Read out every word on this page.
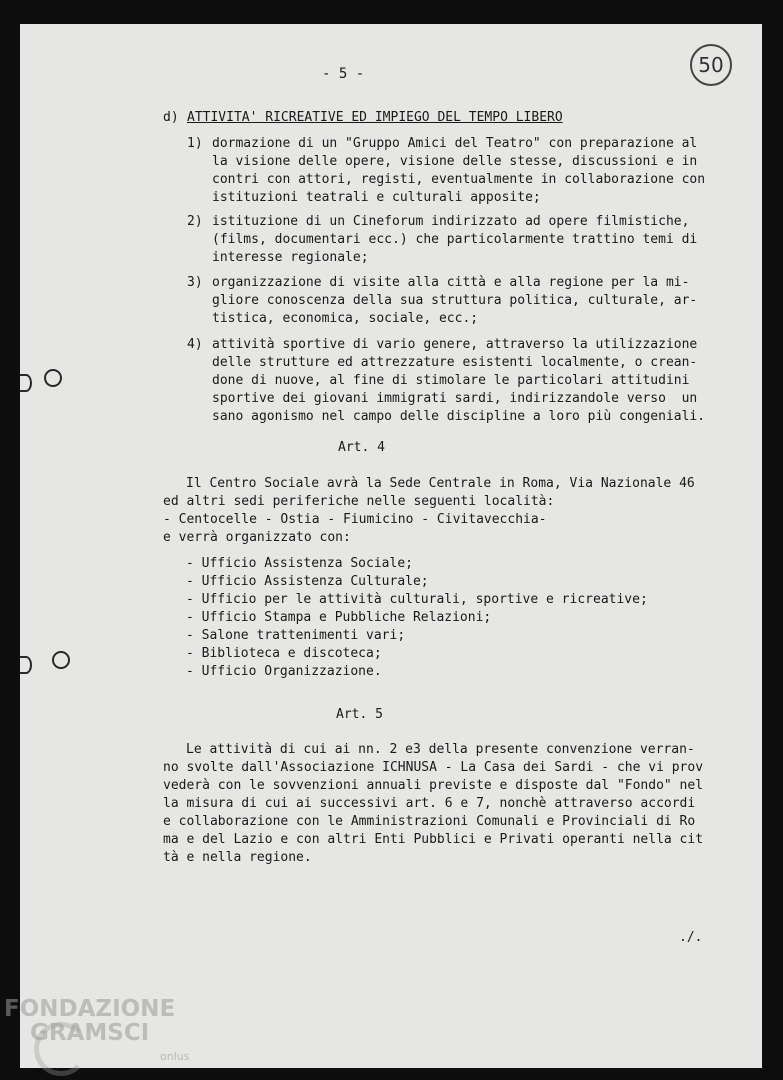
50
- 5 -
d) ATTIVITA' RICREATIVE ED IMPIEGO DEL TEMPO LIBERO
1) dormazione di un "Gruppo Amici del Teatro" con preparazione al
la visione delle opere, visione delle stesse, discussioni e in
contri con attori, registi, eventualmente in collaborazione con
istituzioni teatrali e culturali apposite;
2) istituzione di un Cineforum indirizzato ad opere filmistiche,
(films, documentari ecc.) che particolarmente trattino temi di
interesse regionale;
3) organizzazione di visite alla città e alla regione per la mi-
gliore conoscenza della sua struttura politica, culturale, ar-
tistica, economica, sociale, ecc.;
4) attività sportive di vario genere, attraverso la utilizzazione
delle strutture ed attrezzature esistenti localmente, o crean-
done di nuove, al fine di stimolare le particolari attitudini
sportive dei giovani immigrati sardi, indirizzandole verso  un
sano agonismo nel campo delle discipline a loro più congeniali.
Art. 4
Il Centro Sociale avrà la Sede Centrale in Roma, Via Nazionale 46
ed altri sedi periferiche nelle seguenti località:
- Centocelle - Ostia - Fiumicino - Civitavecchia-
e verrà organizzato con:
- Ufficio Assistenza Sociale;
- Ufficio Assistenza Culturale;
- Ufficio per le attività culturali, sportive e ricreative;
- Ufficio Stampa e Pubbliche Relazioni;
- Salone trattenimenti vari;
- Biblioteca e discoteca;
- Ufficio Organizzazione.
Art. 5
Le attività di cui ai nn. 2 e3 della presente convenzione verran-
no svolte dall'Associazione ICHNUSA - La Casa dei Sardi - che vi prov
vederà con le sovvenzioni annuali previste e disposte dal "Fondo" nel
la misura di cui ai successivi art. 6 e 7, nonchè attraverso accordi
e collaborazione con le Amministrazioni Comunali e Provinciali di Ro
ma e del Lazio e con altri Enti Pubblici e Privati operanti nella cit
tà e nella regione.
./.
FONDAZIONE
GRAMSCI
onlus
